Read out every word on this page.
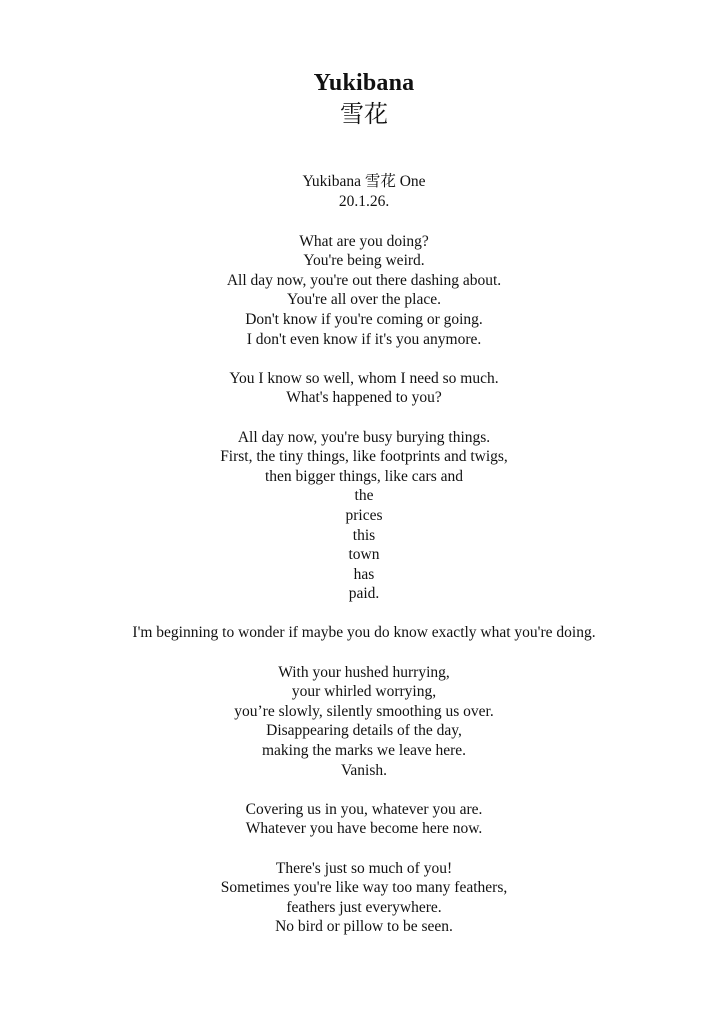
Yukibana
雪花
Yukibana 雪花 One
20.1.26.
What are you doing?
You're being weird.
All day now, you're out there dashing about.
You're all over the place.
Don't know if you're coming or going.
I don't even know if it's you anymore.
You I know so well, whom I need so much.
What's happened to you?
All day now, you're busy burying things.
First, the tiny things, like footprints and twigs,
then bigger things, like cars and
the
prices
this
town
has
paid.
I'm beginning to wonder if maybe you do know exactly what you're doing.
With your hushed hurrying,
your whirled worrying,
you’re slowly, silently smoothing us over.
Disappearing details of the day,
making the marks we leave here.
Vanish.
Covering us in you, whatever you are.
Whatever you have become here now.
There's just so much of you!
Sometimes you're like way too many feathers,
feathers just everywhere.
No bird or pillow to be seen.
